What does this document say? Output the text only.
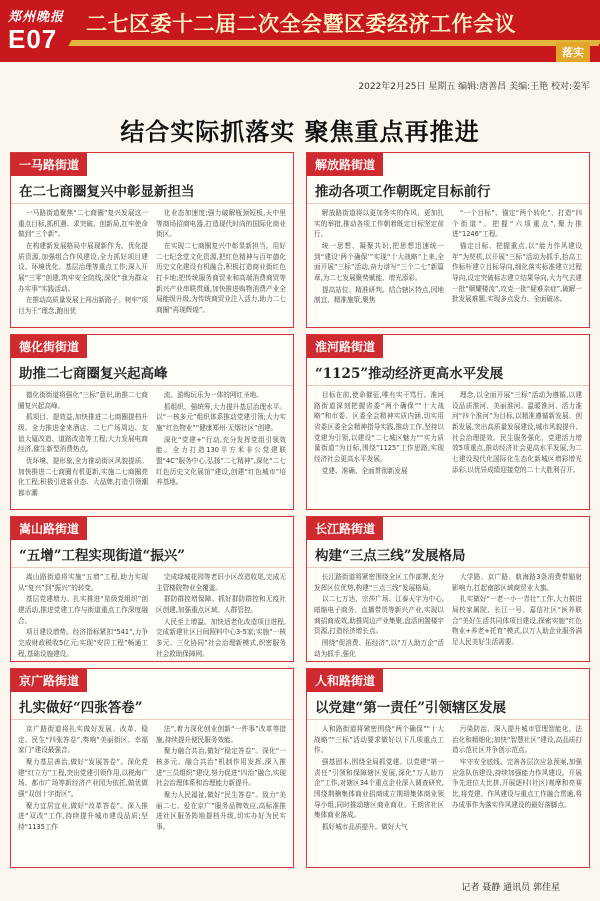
郑州晚报
E07
二七区委十二届二次全会暨区委经济工作会议
落实
2022年2月25日 星期五 编辑:唐善昌 美编:王艳 校对:姜军
结合实际抓落实 聚焦重点再推进
一马路街道
在二七商圈复兴中彰显新担当

一马路街道聚焦“二七商圈”复兴发展这一重点目标,抓机遇、求突破、创新局,扛牢使命做到“三个新”。

在构建新发展格局中展现新作为。优化提质资源,加强组合作风建设,全力抓好项目建设、环境优化、基层治理等重点工作;深入开展“三零”创建,筑牢安全防线;深化“我为群众办实事”实践活动。

在推动高质量发展上闯出新路子。树牢“项目为王”理念,跑出优

化业态加速度;强力破解瓶颈短板,天中里等商场招商电器,打造现代时尚的国际化商业街区。

在实现二七商圈复兴中彰显新担当。用好二七纪念堂文化资源,把红色精神与百年德化历史文化建设有机融合,积极打造商业街红色打卡地;把传统服务商贸业和高端消费商贸等新兴产业串联贯通,加快推进购物消费产业全局能级升级,为传统商贸业注入活力,助力二七商圈“再现辉煌”。

解放路街道
推动各项工作朝既定目标前行

解放路街道将以更加务实的作风、更加扎实的举措,推动各项工作朝着既定目标坚定前行。

统一思想、凝聚共识,把思想迅速统一到“建设‘两个确保’”实现“十大战略”上来,全面开展“三标”活动,奋力谱写“三个二七”新篇章,为二七发展聚势赋能、增光添彩。

提高站位、精准研判。结合辖区特点,因地制宜、精准施策,聚焦

“一个目标”、锚定“两个转化”、打造“四个街道”、把握“六项重点”,聚力推进“1246”工程。

锚定目标、把握重点,以“能力作风建设年”为契机,以开展“三标”活动为抓手,抬高工作标杆建立目标导向,细化落实标准建立过程导向,设定突破标志建立结果导向,大力气去建一批“顺耀楼流”,攻克一批“疑难杂症”,破解一批发展难题,实现多点发力、全面破冰。

德化街街道
助推二七商圈复兴起高峰

德化街街道将强化“三标”意识,助推二七商圈复兴起高峰。

抓项目、提效益,加快推进二七商圈提档升级。全力推进金来酒店、二七广场周边、友谊大厦改造、道路改造等工程;大力发展电商经济,催生新型消费热点。

优环境、提形象,全力推动街区风貌提质。加快推进二七商圈有机更新,实施二七商圈亮化工程;积极引进新业态、大品牌,打造引领潮都市潮

流、游购玩乐为一体的网红圣地。

抓组织、强统筹,大力提升基层治理水平。以“一核多元”组织体系推动党建引领;大力实施“红色物业”“健康郑州·无烟社区”创建。

深化“党建+”行动,充分发挥党组引领效能。全力打造130平方米非公党建联盟“4C”服务中心,弘扬“二七精神”,深化“二七红色历史文化展馆”建设,创建“红色城市”培养基地。

淮河路街道
“1125”推动经济更高水平发展

目标在前,使命催征,唯有实干笃行。淮河路街道深刻把握省委“两个确保”“十大战略”和市委、区委全会精神实质内涵,切实用省委区委全会精神指导实践,推动工作,坚持以党建为引领,以建设“二七城区魅力”“实力质量街道”为目标,围绕“1125”工作思路,实现经济社会更高水平发展。

党建、准确、全面贯彻新发展

理念,以全面开展“三标”活动为遵循,以建设品质淮河、美丽淮河、温暖淮河、活力淮河“四个淮河”为目标,以精准遵循新发展、创新发展,突出高质量发展建设,城市风貌提升、社会治理提效、民生服务强化、党建活力增效5项重点,推动经济社会更高水平发展,为二七建设现代化国际化生态化新城区增彩增光添彩,以优异成绩迎接党的二十大胜利召开。

嵩山路街道
“五增”工程实现街道“振兴”

嵩山路街道将实施“五增”工程,助力实现从“复兴”到“振兴”的转变。

基层党建增力。扎实推进“星级党组织”创建活动,推进党建工作与街道重点工作深度融合。

项目建设增势。经济指标紧扣“541”,力争完成财政税收5亿元;实现“安居工程”畅通工程,基础设施建设。

完成绿城花园等老旧小区改造收尾,完成无主管楼院物业全覆盖。

群防群控增保障。抓好群防群控和无疫社区创建,加强重点区域、人群管控。

人民至上增温。加快适老化改造项目进程,完成新建社区日间照料中心3-5家;实施“一核多元、三化协同”社会治理新模式,织密服务社会救助保障网。

长江路街道
构建“三点三线”发展格局

长江路街道将紧密围绕全区工作部署,充分发挥区位优势,构建“三点三线”发展格局。

以二七万达、宗莎广场、江泰天宇为中心,暗缩电子商务、直播带货等新兴产业,实现以商招商成效,助推周边产业集聚,盘活闲置楼宇资源,打造经济增长点。

围绕“促消费、拓经济”,以“万人助万企”活动为抓手,强化

大学路、京广路、航海路3条消费带辐射影响力,扛起南部区域商贸业大旗。

扎实做好“一老一小一青壮”工作,大力推进局校家属院、长江一号、嘉信社区“医养联合”美好生活共同体项目建设,探索实施“红色物业+养老+托育”模式,以万人助企业服务满足人民美好生活需要。

京广路街道
扎实做好“四张答卷”

京广路街道将扎实做好发展、改革、稳定、民生“四张答卷”,奏响“美丽街区、幸福家门”建设最强音。

聚力基层善治,做好“发展答卷”。深化党建“红立方”工程,突出党建引领作用,以税海广场、都市广场等新经济产业园为依托,做优做强“双创十字街区”。

聚力宜居宜业,做好“改革答卷”。深入推进“双改”工作,持续提升城市建设品质;坚持“1135工作

法”,着力深化创业创新“一件事”改革等措施,持续提升便民服务效能。

聚力融合共治,做好“稳定答卷”。深化“一核多元、融合共治”机制作用发挥,深入推进“三员组织”建设,努力促进“四治”融合,实现社会治理体系和治理能力新提升。

聚力人民福祉,做好“民生答卷”。致力“美丽二七、爱在京广”服务品牌效应,高标准推进社区服务阵地提档升级,切实办好为民实事。

人和路街道
以党建“第一责任”引领辖区发展

人和路街道将紧密围绕“两个确保”“十大战略”“三标”活动要求做好以下几项重点工作。

强基固本,围绕全局抓党建。以党建“第一责任”引领和保障辖区发展,深化“万人助万企”工作,对辖区34个重点企业深入调查研究,围绕荆楠集体商业招商成立荆胡集体商业领导小组,同时推动辖区商业商业、王朗省社区集体商业落成。

抓好城市品质提升。做好大气

污染防治、深入提升城市管理智能化、法治化和精细化;加快“智慧社区”建设,高品质打造示范社区并争创示范点。

牢守安全底线。完善各层次应急预案,加强应急队伍建设,持续加强能力作风建设。开展争先进位大比拼,开展逐村(社区)观摩和亮赛比,将党建、作风建设与重点工作融合贯通,将办成事作为落实作风建设的最好落脚点。

记者 聂静 通讯员 郭佳星
